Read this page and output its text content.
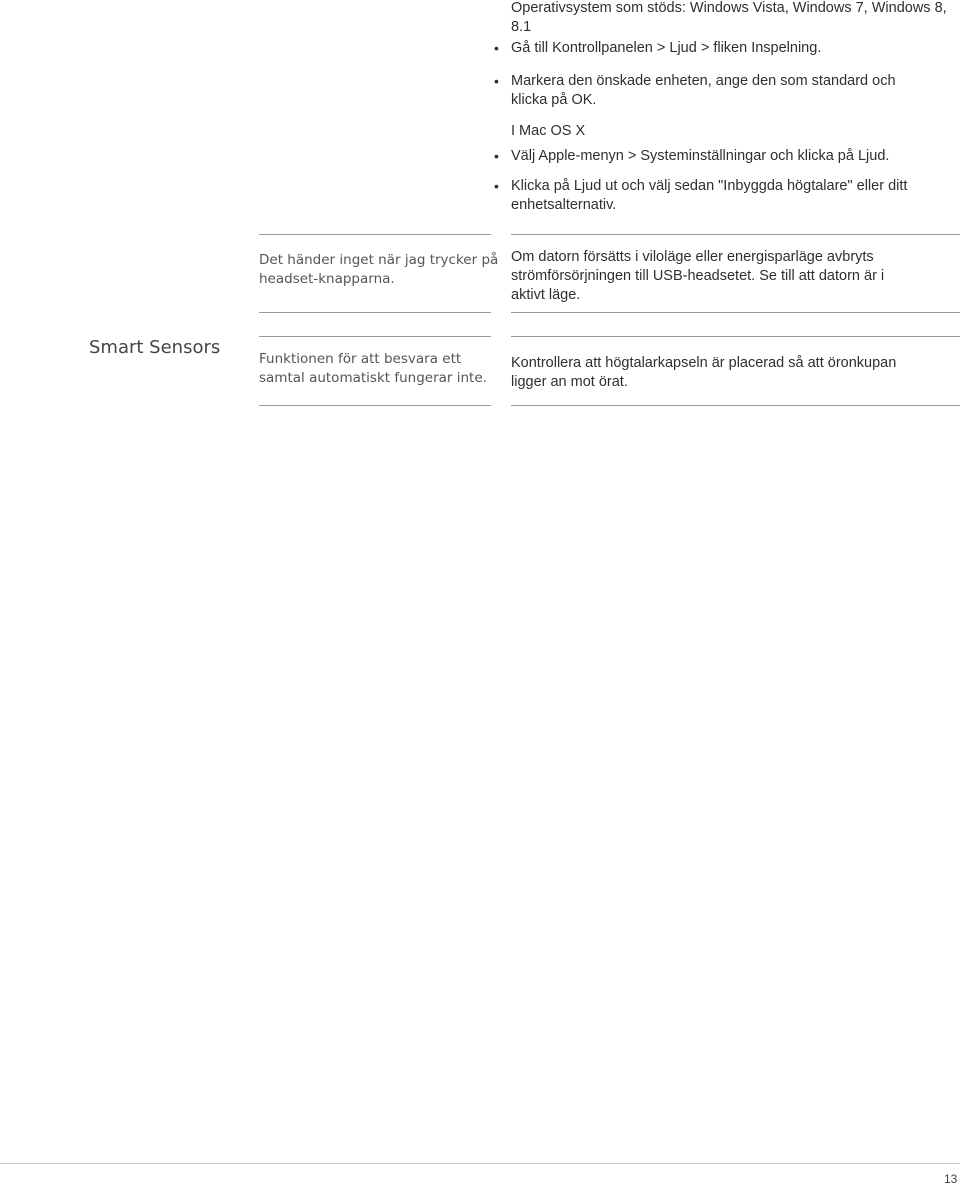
Operativsystem som stöds: Windows Vista, Windows 7, Windows 8, 8.1
• Gå till Kontrollpanelen > Ljud > fliken Inspelning.
• Markera den önskade enheten, ange den som standard och klicka på OK.
I Mac OS X
• Välj Apple-menyn > Systeminställningar och klicka på Ljud.
• Klicka på Ljud ut och välj sedan "Inbyggda högtalare" eller ditt enhetsalternativ.
Det händer inget när jag trycker på headset-knapparna.
Om datorn försätts i viloläge eller energisparläge avbryts strömförsörjningen till USB-headsetet. Se till att datorn är i aktivt läge.
Smart Sensors
Funktionen för att besvara ett samtal automatiskt fungerar inte.
Kontrollera att högtalarkapseln är placerad så att öronkupan ligger an mot örat.
13
